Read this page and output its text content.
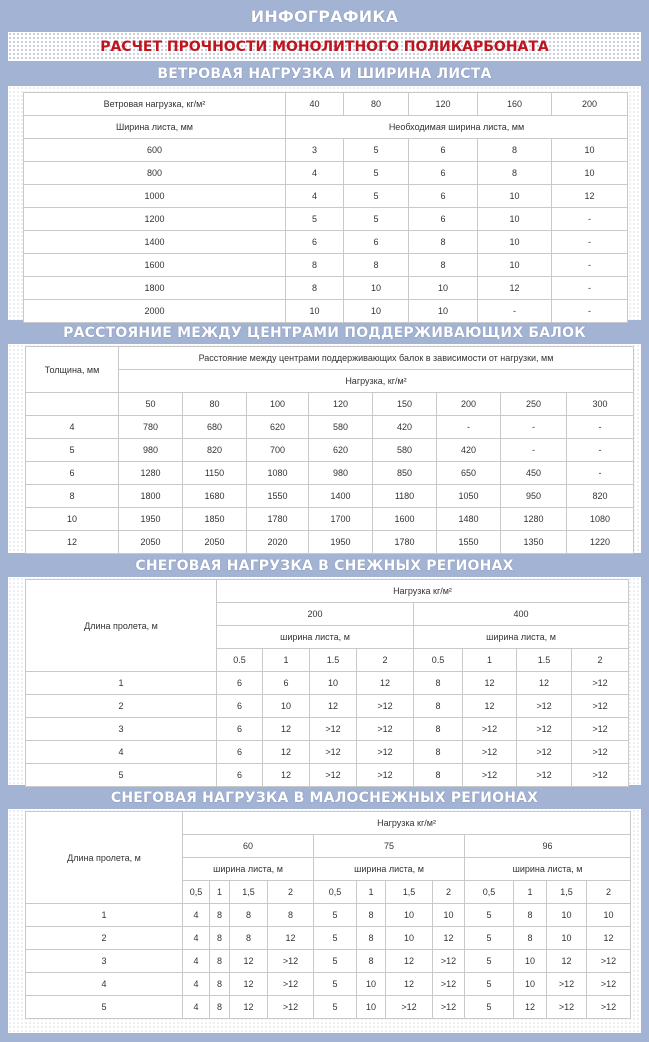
ИНФОГРАФИКА
РАСЧЕТ ПРОЧНОСТИ МОНОЛИТНОГО ПОЛИКАРБОНАТА
ВЕТРОВАЯ НАГРУЗКА И ШИРИНА ЛИСТА
Ветровая нагрузка, кг/м²	40	80	120	160	200
Ширина листа, мм	Необходимая ширина листа, мм				
600	3	5	6	8	10
800	4	5	6	8	10
1000	4	5	6	10	12
1200	5	5	6	10	-
1400	6	6	8	10	-
1600	8	8	8	10	-
1800	8	10	10	12	-
2000	10	10	10	-	-
РАССТОЯНИЕ МЕЖДУ ЦЕНТРАМИ ПОДДЕРЖИВАЮЩИХ БАЛОК
Толщина, мм	Расстояние между центрами поддерживающих балок в зависимости от нагрузки, мм							
	Нагрузка, кг/м²							
	50	80	100	120	150	200	250	300
4	780	680	620	580	420	-	-	-
5	980	820	700	620	580	420	-	-
6	1280	1150	1080	980	850	650	450	-
8	1800	1680	1550	1400	1180	1050	950	820
10	1950	1850	1780	1700	1600	1480	1280	1080
12	2050	2050	2020	1950	1780	1550	1350	1220
СНЕГОВАЯ НАГРУЗКА В СНЕЖНЫХ РЕГИОНАХ
Длина пролета, м	Нагрузка кг/м²							
	200				400			
	ширина листа, м				ширина листа, м			
	0.5	1	1.5	2	0.5	1	1.5	2
1	6	6	10	12	8	12	12	>12
2	6	10	12	>12	8	12	>12	>12
3	6	12	>12	>12	8	>12	>12	>12
4	6	12	>12	>12	8	>12	>12	>12
5	6	12	>12	>12	8	>12	>12	>12
СНЕГОВАЯ НАГРУЗКА В МАЛОСНЕЖНЫХ РЕГИОНАХ
Длина пролета, м	Нагрузка кг/м²											
	60				75				96			
	ширина листа, м				ширина листа, м				ширина листа, м			
	0,5	1	1,5	2	0,5	1	1,5	2	0,5	1	1,5	2
1	4	8	8	8	5	8	10	10	5	8	10	10
2	4	8	8	12	5	8	10	12	5	8	10	12
3	4	8	12	>12	5	8	12	>12	5	10	12	>12
4	4	8	12	>12	5	10	12	>12	5	10	>12	>12
5	4	8	12	>12	5	10	>12	>12	5	12	>12	>12
